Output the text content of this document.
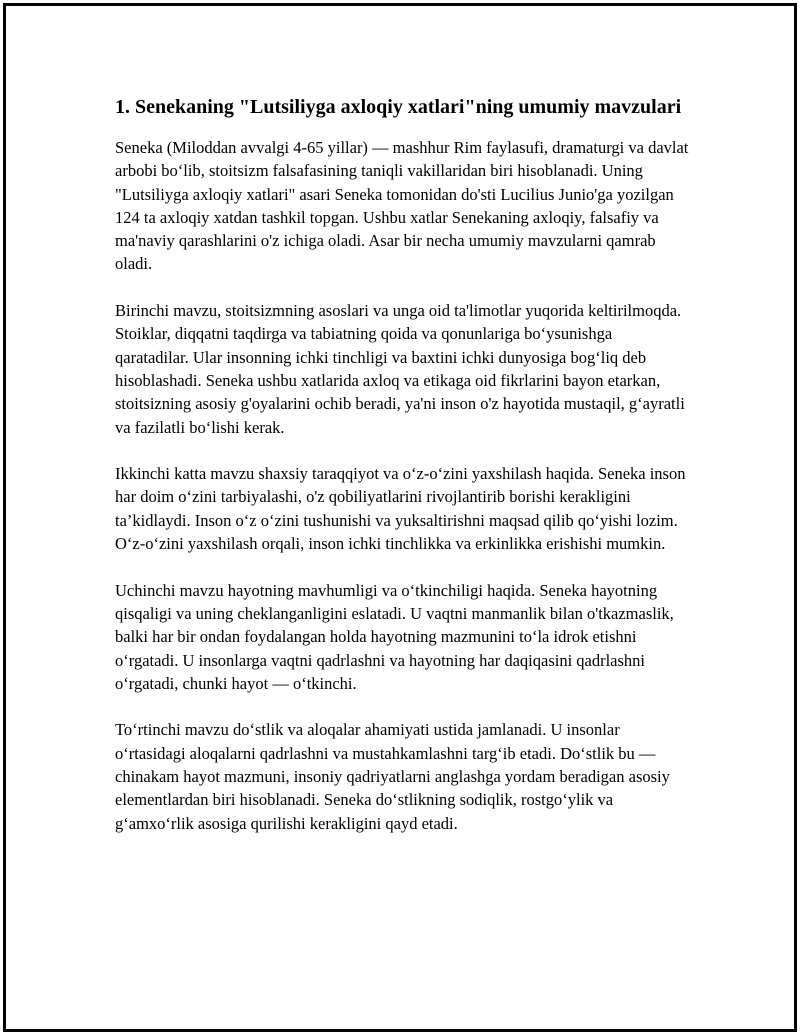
1. Senekaning "Lutsiliyga axloqiy xatlari"ning umumiy mavzulari

Seneka (Miloddan avvalgi 4-65 yillar) — mashhur Rim faylasufi, dramaturgi va davlat arbobi bo‘lib, stoitsizm falsafasining taniqli vakillaridan biri hisoblanadi. Uning "Lutsiliyga axloqiy xatlari" asari Seneka tomonidan do'sti Lucilius Junio'ga yozilgan 124 ta axloqiy xatdan tashkil topgan. Ushbu xatlar Senekaning axloqiy, falsafiy va ma'naviy qarashlarini o'z ichiga oladi. Asar bir necha umumiy mavzularni qamrab oladi.

Birinchi mavzu, stoitsizmning asoslari va unga oid ta'limotlar yuqorida keltirilmoqda. Stoiklar, diqqatni taqdirga va tabiatning qoida va qonunlariga bo‘ysunishga qaratadilar. Ular insonning ichki tinchligi va baxtini ichki dunyosiga bog‘liq deb hisoblashadi. Seneka ushbu xatlarida axloq va etikaga oid fikrlarini bayon etarkan, stoitsizning asosiy g'oyalarini ochib beradi, ya'ni inson o'z hayotida mustaqil, g‘ayratli va fazilatli bo‘lishi kerak.

Ikkinchi katta mavzu shaxsiy taraqqiyot va o‘z-o‘zini yaxshilash haqida. Seneka inson har doim o‘zini tarbiyalashi, o'z qobiliyatlarini rivojlantirib borishi kerakligini ta’kidlaydi. Inson o‘z o‘zini tushunishi va yuksaltirishni maqsad qilib qo‘yishi lozim. O‘z-o‘zini yaxshilash orqali, inson ichki tinchlikka va erkinlikka erishishi mumkin.

Uchinchi mavzu hayotning mavhumligi va o‘tkinchiligi haqida. Seneka hayotning qisqaligi va uning cheklanganligini eslatadi. U vaqtni manmanlik bilan o'tkazmaslik, balki har bir ondan foydalangan holda hayotning mazmunini to‘la idrok etishni o‘rgatadi. U insonlarga vaqtni qadrlashni va hayotning har daqiqasini qadrlashni o‘rgatadi, chunki hayot — o‘tkinchi.

To‘rtinchi mavzu do‘stlik va aloqalar ahamiyati ustida jamlanadi. U insonlar o‘rtasidagi aloqalarni qadrlashni va mustahkamlashni targ‘ib etadi. Do‘stlik bu — chinakam hayot mazmuni, insoniy qadriyatlarni anglashga yordam beradigan asosiy elementlardan biri hisoblanadi. Seneka do‘stlikning sodiqlik, rostgo‘ylik va g‘amxo‘rlik asosiga qurilishi kerakligini qayd etadi.
